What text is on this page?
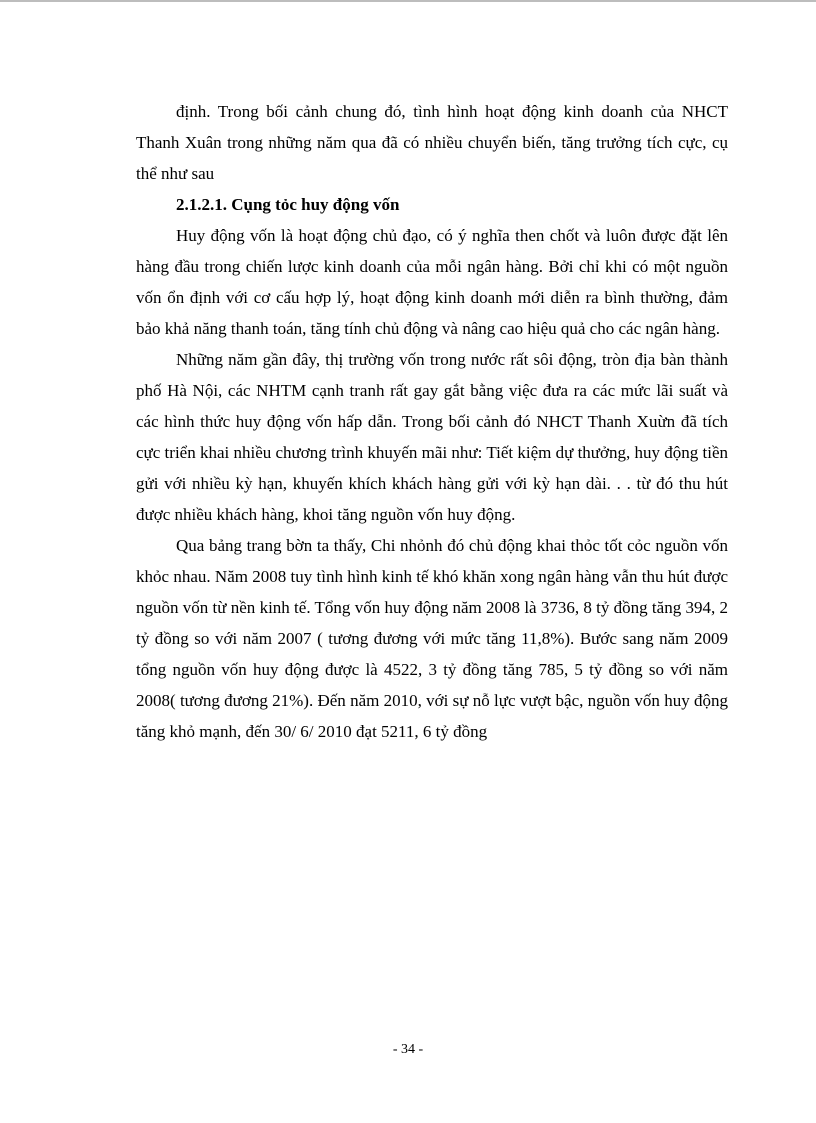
định. Trong bối cảnh chung đó, tình hình hoạt động kinh doanh của NHCT Thanh Xuân trong những năm qua đã có nhiều chuyển biến, tăng trưởng tích cực, cụ thể như sau

2.1.2.1. Cụng tỏc huy động vốn

Huy động vốn là hoạt động chủ đạo, có ý nghĩa then chốt và luôn được đặt lên hàng đầu trong chiến lược kinh doanh của mỗi ngân hàng. Bởi chỉ khi có một nguồn vốn ổn định với cơ cấu hợp lý, hoạt động kinh doanh mới diễn ra bình thường, đảm bảo khả năng thanh toán, tăng tính chủ động và nâng cao hiệu quả cho các ngân hàng.

Những năm gần đây, thị trường vốn trong nước rất sôi động, tròn địa bàn thành phố Hà Nội, các NHTM cạnh tranh rất gay gắt bằng việc đưa ra các mức lãi suất và các hình thức huy động vốn hấp dẫn. Trong bối cảnh đó NHCT Thanh Xuừn đã tích cực triển khai nhiều chương trình khuyến mãi như: Tiết kiệm dự thưởng, huy động tiền gửi với nhiều kỳ hạn, khuyến khích khách hàng gửi với kỳ hạn dài. . . từ đó thu hút được nhiều khách hàng, khoi tăng nguồn vốn huy động.

Qua bảng trang bờn ta thấy, Chi nhỏnh đó chủ động khai thỏc tốt cỏc nguồn vốn khỏc nhau. Năm 2008 tuy tình hình kinh tế khó khăn xong ngân hàng vẫn thu hút được nguồn vốn từ nền kinh tế. Tổng vốn huy động năm 2008 là 3736, 8 tỷ đồng tăng 394, 2 tỷ đồng so với năm 2007 ( tương đương với mức tăng 11,8%). Bước sang năm 2009 tổng nguồn vốn huy động được là 4522, 3 tỷ đồng tăng 785, 5 tỷ đồng so với năm 2008( tương đương 21%). Đến năm 2010, với sự nỗ lực vượt bậc, nguồn vốn huy động tăng khỏ mạnh, đến 30/ 6/ 2010 đạt 5211, 6 tỷ đồng

- 34 -
